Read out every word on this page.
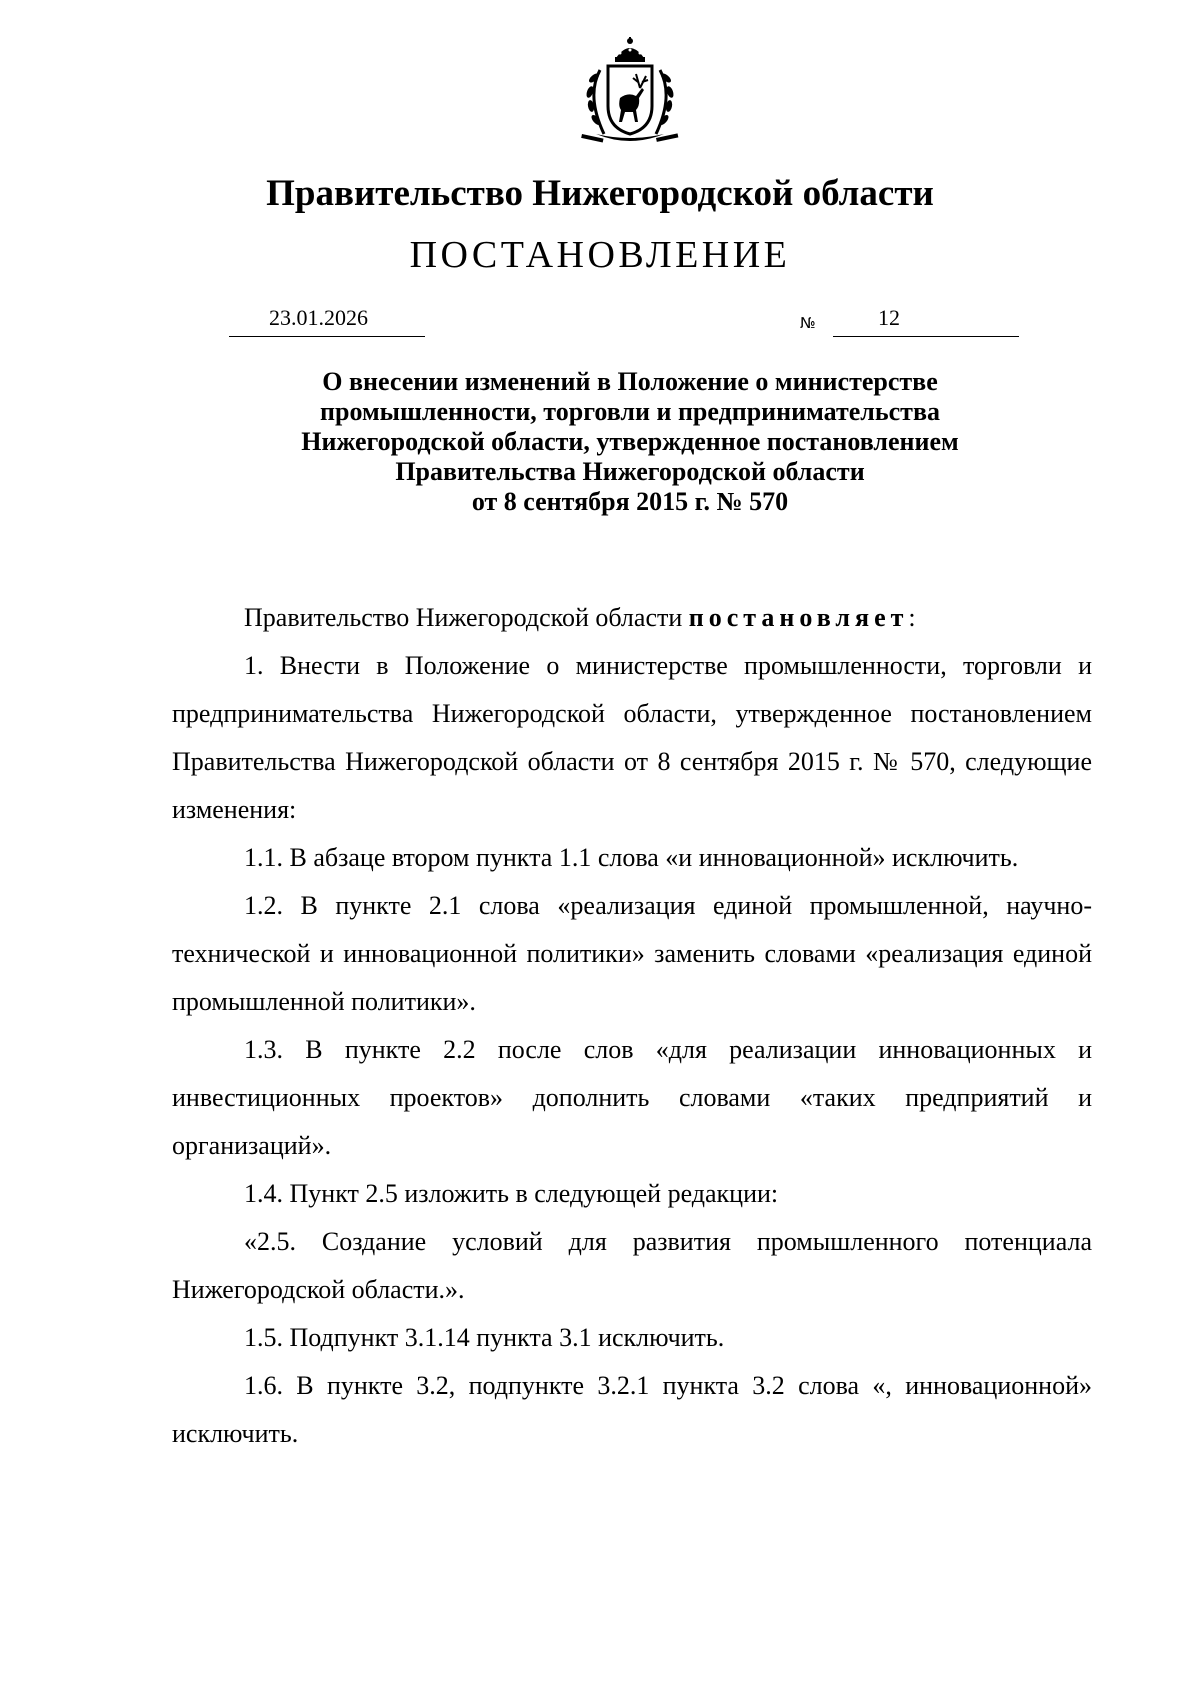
Правительство Нижегородской области
ПОСТАНОВЛЕНИЕ
23.01.2026	№	12
О внесении изменений в Положение о министерстве
промышленности, торговли и предпринимательства
Нижегородской области, утвержденное постановлением
Правительства Нижегородской области
от 8 сентября 2015 г. № 570

Правительство Нижегородской области постановляет:

1. Внести в Положение о министерстве промышленности, торговли и предпринимательства Нижегородской области, утвержденное постановлением Правительства Нижегородской области от 8 сентября 2015 г. № 570, следующие изменения:

1.1. В абзаце втором пункта 1.1 слова «и инновационной» исключить.

1.2. В пункте 2.1 слова «реализация единой промышленной, научно-технической и инновационной политики» заменить словами «реализация единой промышленной политики».

1.3. В пункте 2.2 после слов «для реализации инновационных и инвестиционных проектов» дополнить словами «таких предприятий и организаций».

1.4. Пункт 2.5 изложить в следующей редакции:

«2.5. Создание условий для развития промышленного потенциала Нижегородской области.».

1.5. Подпункт 3.1.14 пункта 3.1 исключить.

1.6. В пункте 3.2, подпункте 3.2.1 пункта 3.2 слова «, инновационной» исключить.
